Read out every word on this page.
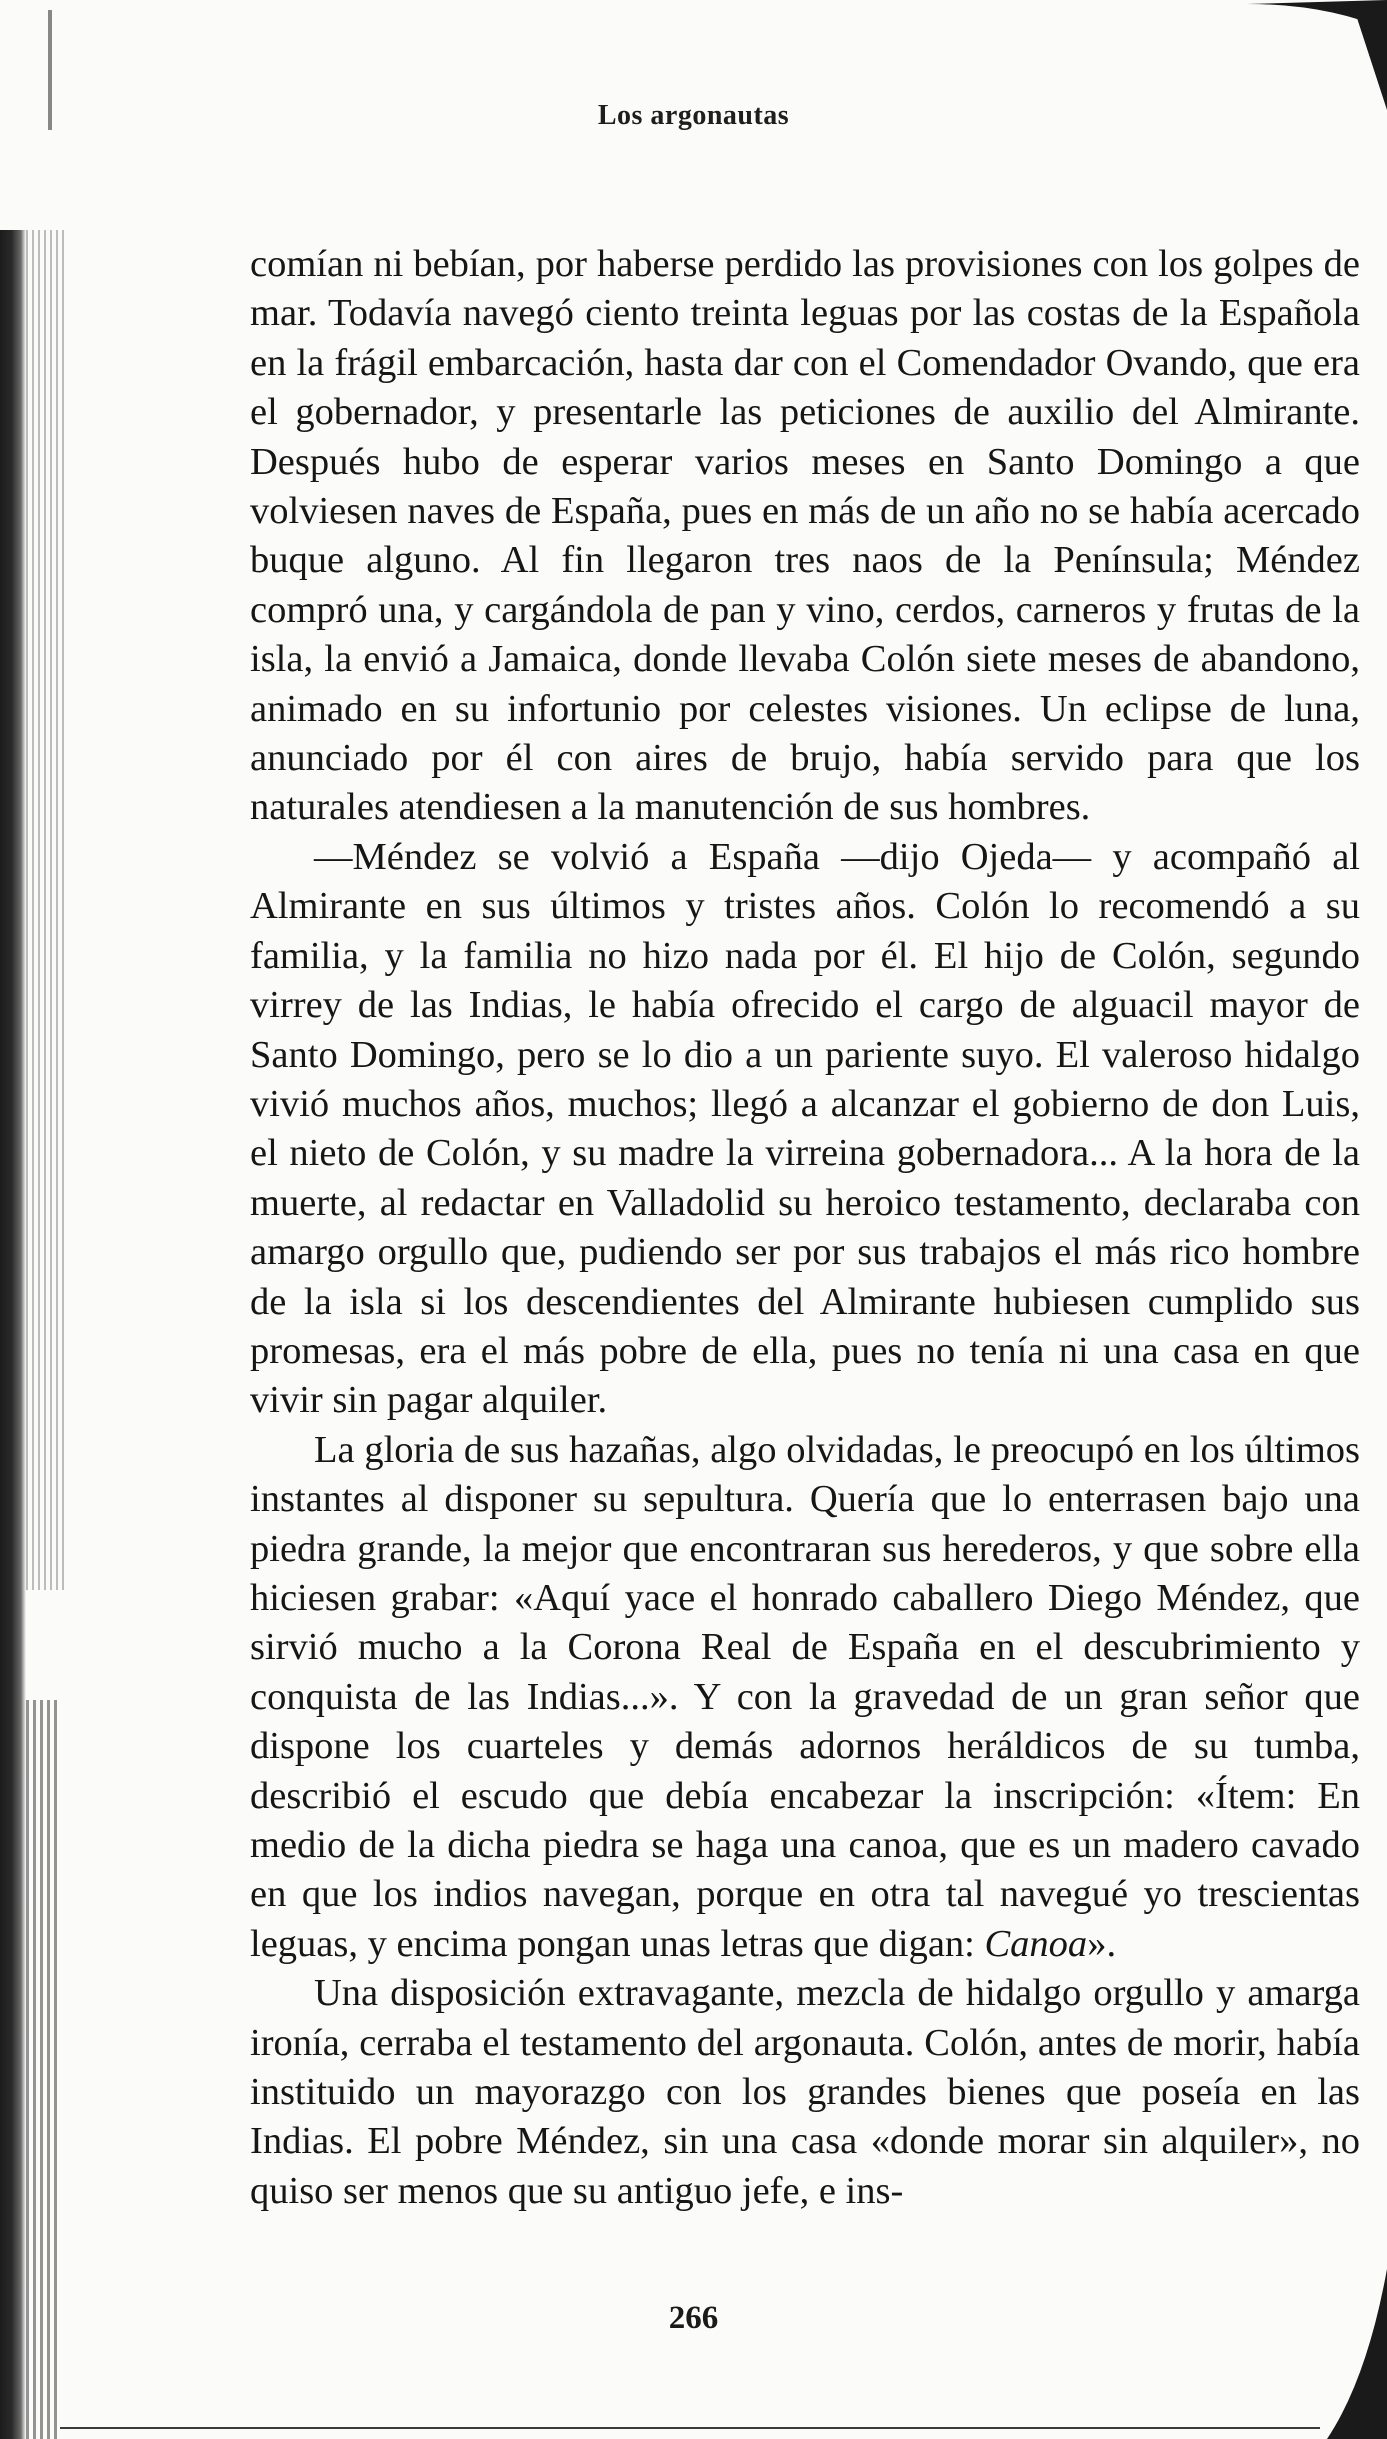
Los argonautas

comían ni bebían, por haberse perdido las provisiones con los golpes de mar. Todavía navegó ciento treinta leguas por las costas de la Española en la frágil embarcación, hasta dar con el Comendador Ovando, que era el gobernador, y presentarle las peticiones de auxilio del Almirante. Después hubo de esperar varios meses en Santo Domingo a que volviesen naves de España, pues en más de un año no se había acercado buque alguno. Al fin llegaron tres naos de la Península; Méndez compró una, y cargándola de pan y vino, cerdos, carneros y frutas de la isla, la envió a Jamaica, donde llevaba Colón siete meses de abandono, animado en su infortunio por celestes visiones. Un eclipse de luna, anunciado por él con aires de brujo, había servido para que los naturales atendiesen a la manutención de sus hombres.

—Méndez se volvió a España —dijo Ojeda— y acompañó al Almirante en sus últimos y tristes años. Colón lo recomendó a su familia, y la familia no hizo nada por él. El hijo de Colón, segundo virrey de las Indias, le había ofrecido el cargo de alguacil mayor de Santo Domingo, pero se lo dio a un pariente suyo. El valeroso hidalgo vivió muchos años, muchos; llegó a alcanzar el gobierno de don Luis, el nieto de Colón, y su madre la virreina gobernadora... A la hora de la muerte, al redactar en Valladolid su heroico testamento, declaraba con amargo orgullo que, pudiendo ser por sus trabajos el más rico hombre de la isla si los descendientes del Almirante hubiesen cumplido sus promesas, era el más pobre de ella, pues no tenía ni una casa en que vivir sin pagar alquiler.

La gloria de sus hazañas, algo olvidadas, le preocupó en los últimos instantes al disponer su sepultura. Quería que lo enterrasen bajo una piedra grande, la mejor que encontraran sus herederos, y que sobre ella hiciesen grabar: «Aquí yace el honrado caballero Diego Méndez, que sirvió mucho a la Corona Real de España en el descubrimiento y conquista de las Indias...». Y con la gravedad de un gran señor que dispone los cuarteles y demás adornos heráldicos de su tumba, describió el escudo que debía encabezar la inscripción: «Ítem: En medio de la dicha piedra se haga una canoa, que es un madero cavado en que los indios navegan, porque en otra tal navegué yo trescientas leguas, y encima pongan unas letras que digan: Canoa».

Una disposición extravagante, mezcla de hidalgo orgullo y amarga ironía, cerraba el testamento del argonauta. Colón, antes de morir, había instituido un mayorazgo con los grandes bienes que poseía en las Indias. El pobre Méndez, sin una casa «donde morar sin alquiler», no quiso ser menos que su antiguo jefe, e ins-

266
